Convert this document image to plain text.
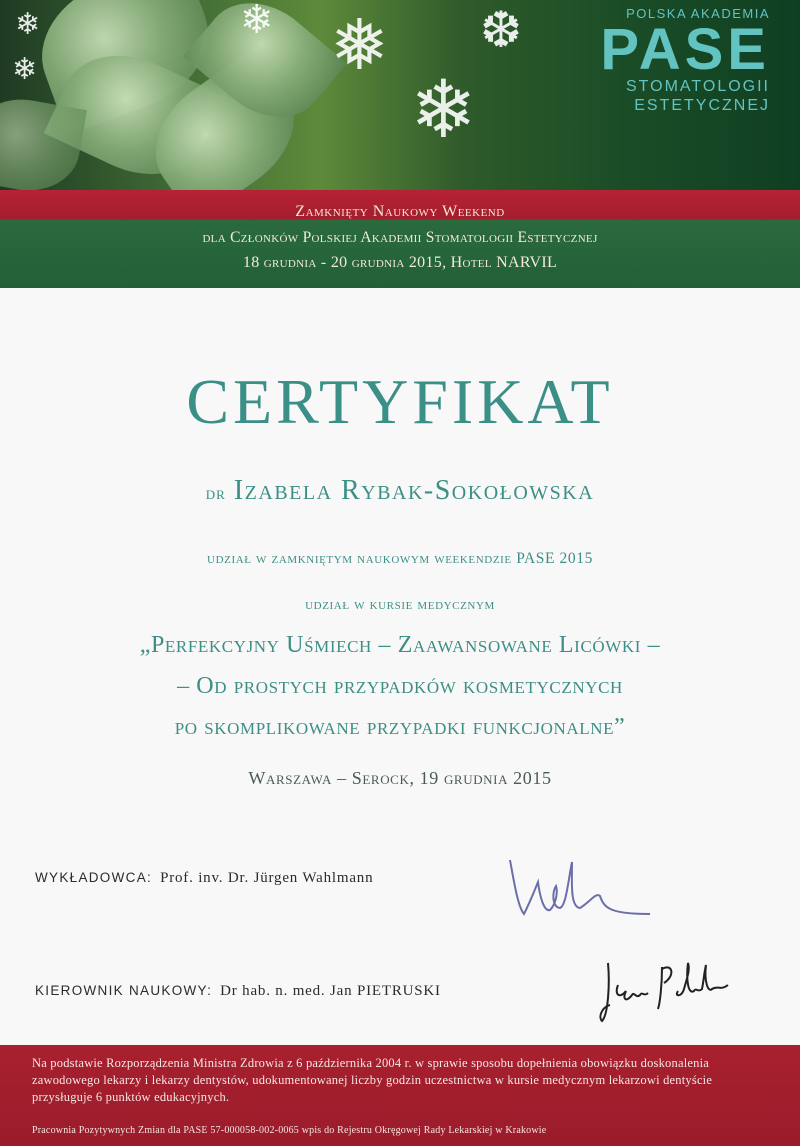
❄
❄
❄ ❅ ❆
❄
POLSKA AKADEMIA
PASE
STOMATOLOGII
ESTETYCZNEJ
Zamknięty Naukowy Weekend
dla Członków Polskiej Akademii Stomatologii Estetycznej
18 grudnia - 20 grudnia 2015, Hotel NARVIL
CERTYFIKAT
dr Izabela Rybak-Sokołowska
udział w zamkniętym naukowym weekendzie PASE 2015
udział w kursie medycznym
„Perfekcyjny Uśmiech – Zaawansowane Licówki –
– Od prostych przypadków kosmetycznych
po skomplikowane przypadki funkcjonalne”
Warszawa – Serock, 19 grudnia 2015
WYKŁADOWCA: Prof. inv. Dr. Jürgen Wahlmann
KIEROWNIK NAUKOWY: Dr hab. n. med. Jan PIETRUSKI
Na podstawie Rozporządzenia Ministra Zdrowia z 6 października 2004 r. w sprawie sposobu dopełnienia obowiązku doskonalenia zawodowego lekarzy i lekarzy dentystów, udokumentowanej liczby godzin uczestnictwa w kursie medycznym lekarzowi dentyście przysługuje 6 punktów edukacyjnych.
Pracownia Pozytywnych Zmian dla PASE 57-000058-002-0065 wpis do Rejestru Okręgowej Rady Lekarskiej w Krakowie
